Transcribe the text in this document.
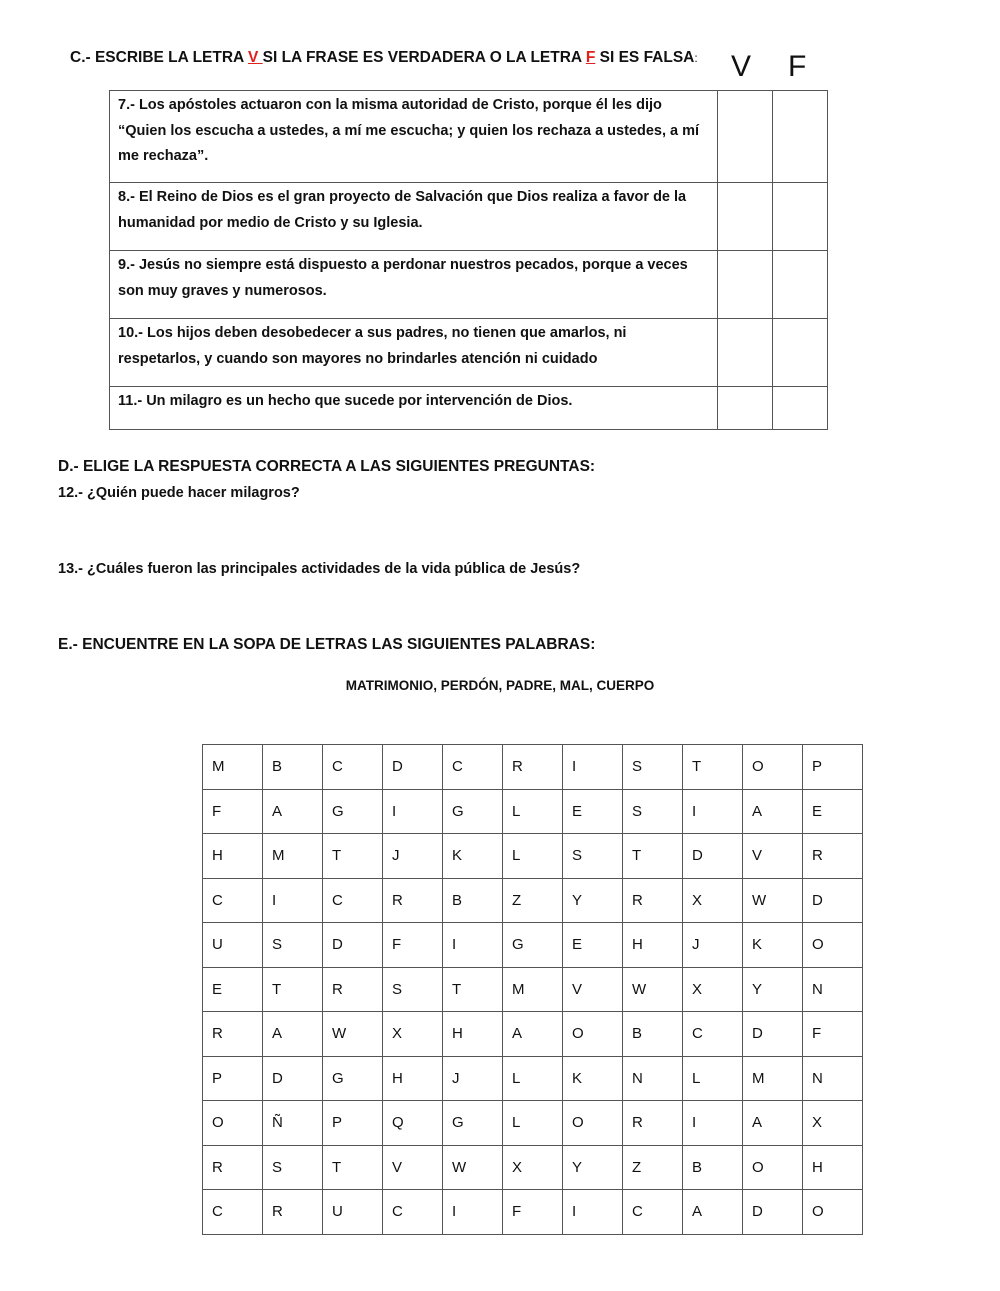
C.- ESCRIBE LA LETRA V SI LA FRASE ES VERDADERA O LA LETRA F SI ES FALSA: V F
7.- Los apóstoles actuaron con la misma autoridad de Cristo, porque él les dijo “Quien los escucha a ustedes, a mí me escucha; y quien los rechaza a ustedes, a mí me rechaza”.		
8.- El Reino de Dios es el gran proyecto de Salvación que Dios realiza a favor de la humanidad por medio de Cristo y su Iglesia.		
9.- Jesús no siempre está dispuesto a perdonar nuestros pecados, porque a veces son muy graves y numerosos.		
10.- Los hijos deben desobedecer a sus padres, no tienen que amarlos, ni respetarlos, y cuando son mayores no brindarles atención ni cuidado		
11.- Un milagro es un hecho que sucede por intervención de Dios.		

D.- ELIGE LA RESPUESTA CORRECTA A LAS SIGUIENTES PREGUNTAS:

12.- ¿Quién puede hacer milagros?

13.- ¿Cuáles fueron las principales actividades de la vida pública de Jesús?

E.- ENCUENTRE EN LA SOPA DE LETRAS LAS SIGUIENTES PALABRAS:

MATRIMONIO, PERDÓN, PADRE, MAL, CUERPO
M	B	C	D	C	R	I	S	T	O	P
F	A	G	I	G	L	E	S	I	A	E
H	M	T	J	K	L	S	T	D	V	R
C	I	C	R	B	Z	Y	R	X	W	D
U	S	D	F	I	G	E	H	J	K	O
E	T	R	S	T	M	V	W	X	Y	N
R	A	W	X	H	A	O	B	C	D	F
P	D	G	H	J	L	K	N	L	M	N
O	Ñ	P	Q	G	L	O	R	I	A	X
R	S	T	V	W	X	Y	Z	B	O	H
C	R	U	C	I	F	I	C	A	D	O
